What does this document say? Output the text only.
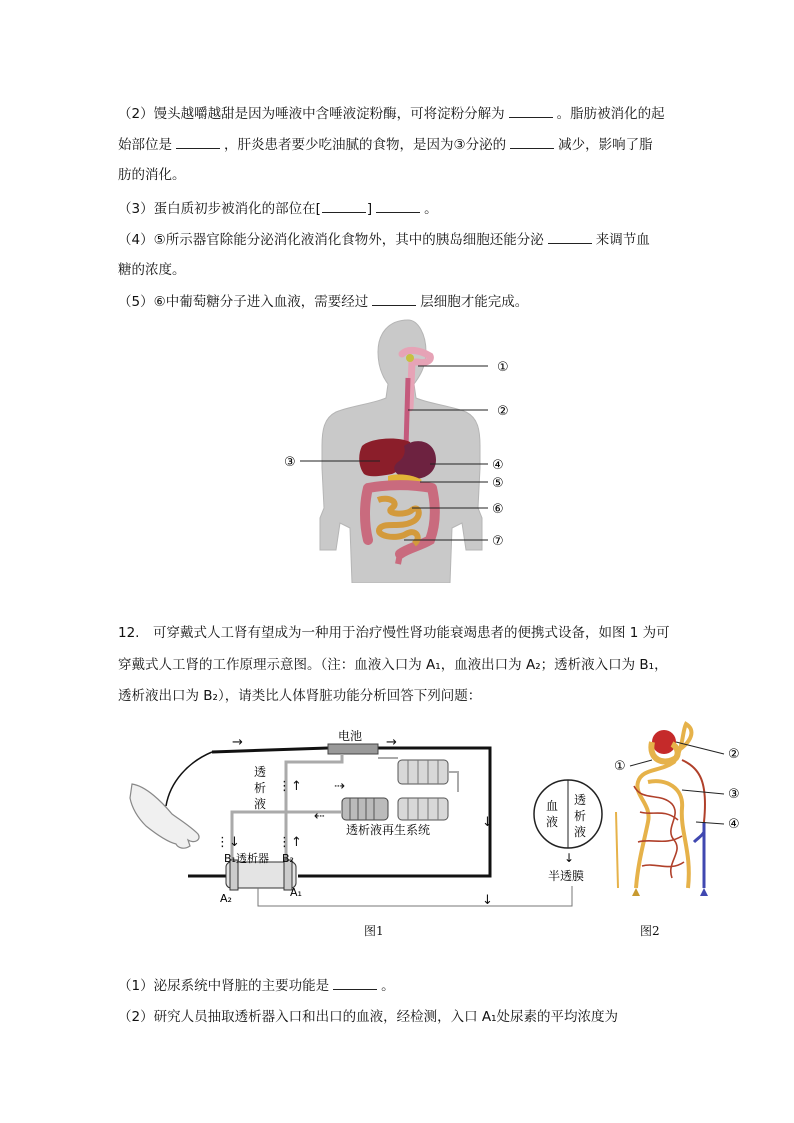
（2）馒头越嚼越甜是因为唾液中含唾液淀粉酶，可将淀粉分解为	。脂肪被消化的起
始部位是	，肝炎患者要少吃油腻的食物，是因为③分泌的	减少，影响了脂
肪的消化。
（3）蛋白质初步被消化的部位在[	]	。
（4）⑤所示器官除能分泌消化液消化食物外，其中的胰岛细胞还能分泌	来调节血
糖的浓度。
（5）⑥中葡萄糖分子进入血液，需要经过	层细胞才能完成。
①
②
③	④
⑤
⑥
⑦
12.　可穿戴式人工肾有望成为一种用于治疗慢性肾功能衰竭患者的便携式设备，如图 1 为可
穿戴式人工肾的工作原理示意图。（注：血液入口为 A₁，血液出口为 A₂；透析液入口为 B₁，
透析液出口为 B₂），请类比人体肾脏功能分析回答下列问题：
电池
→	→
↓
↓
⇢
⋮↑
⇠
⋮↓	⋮↑
透
析
液
透析液再生系统
B₁ 透析器 B₂
A₂	A₁
血
液
透
析
液
↓
半透膜
图1
①
②
③
④
图2
（1）泌尿系统中肾脏的主要功能是	。
（2）研究人员抽取透析器入口和出口的血液，经检测，入口 A₁处尿素的平均浓度为
